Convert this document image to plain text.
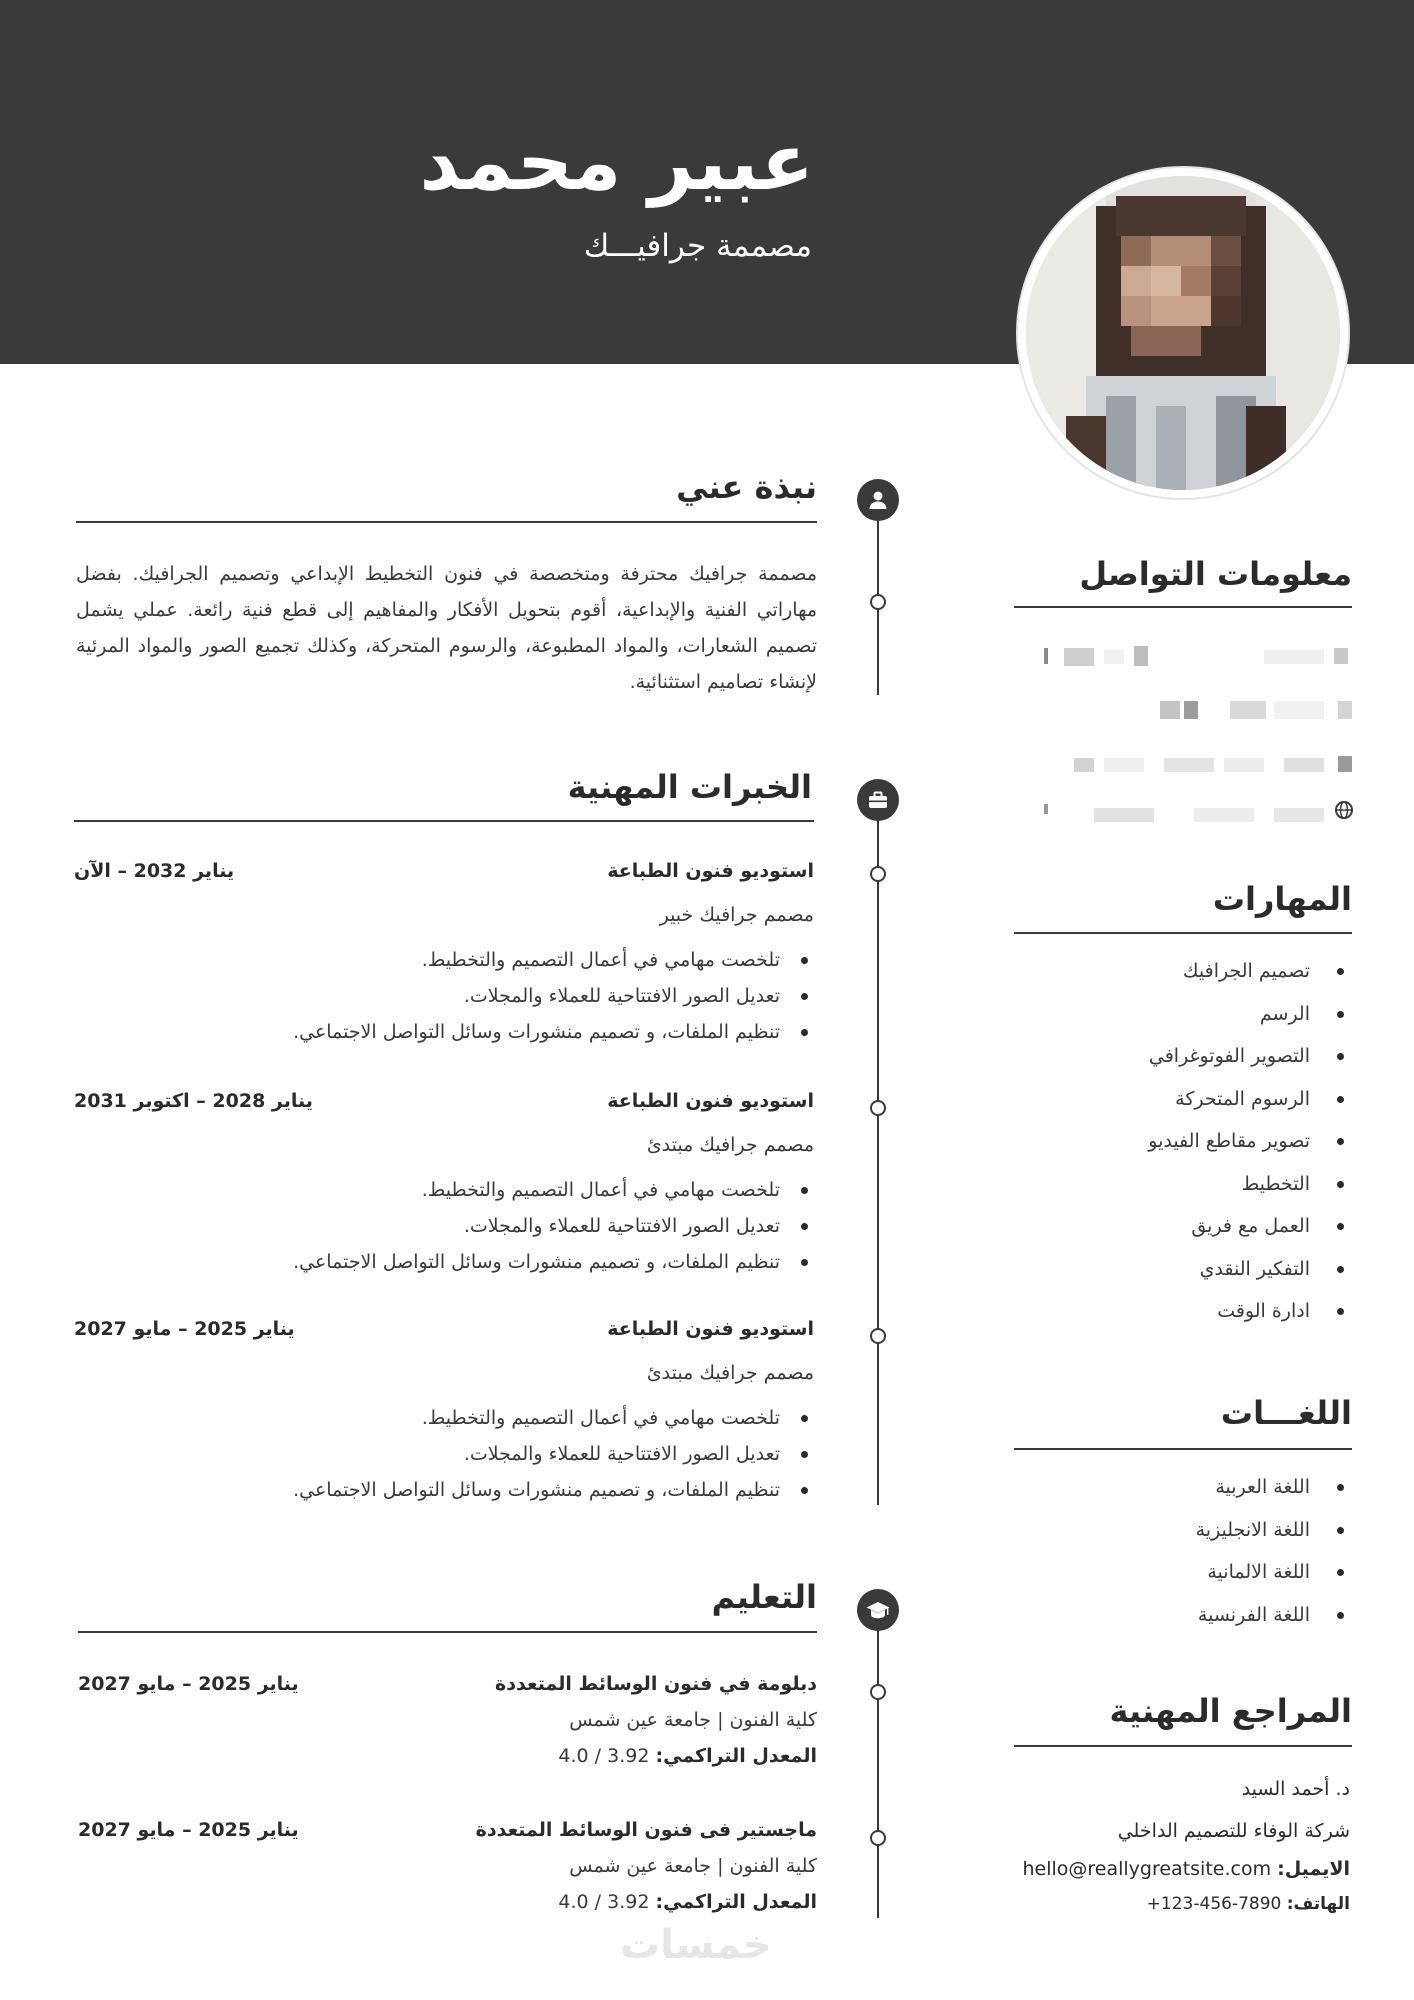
عبير محمد
مصممة جرافيـــك
نبذة عني

مصممة جرافيك محترفة ومتخصصة في فنون التخطيط الإبداعي وتصميم الجرافيك. بفضل مهاراتي الفنية والإبداعية، أقوم بتحويل الأفكار والمفاهيم إلى قطع فنية رائعة. عملي يشمل تصميم الشعارات، والمواد المطبوعة، والرسوم المتحركة، وكذلك تجميع الصور والمواد المرئية لإنشاء تصاميم استثنائية.

الخبرات المهنية
استوديو فنون الطباعة
يناير 2032 – الآن
مصمم جرافيك خبير
تلخصت مهامي في أعمال التصميم والتخطيط.
تعديل الصور الافتتاحية للعملاء والمجلات.
تنظيم الملفات، و تصميم منشورات وسائل التواصل الاجتماعي.
استوديو فنون الطباعة
يناير 2028 – اكتوبر 2031
مصمم جرافيك مبتدئ
تلخصت مهامي في أعمال التصميم والتخطيط.
تعديل الصور الافتتاحية للعملاء والمجلات.
تنظيم الملفات، و تصميم منشورات وسائل التواصل الاجتماعي.
استوديو فنون الطباعة
يناير 2025 – مايو 2027
مصمم جرافيك مبتدئ
تلخصت مهامي في أعمال التصميم والتخطيط.
تعديل الصور الافتتاحية للعملاء والمجلات.
تنظيم الملفات، و تصميم منشورات وسائل التواصل الاجتماعي.
التعليم
دبلومة في فنون الوسائط المتعددة
يناير 2025 – مايو 2027
كلية الفنون | جامعة عين شمس
المعدل التراكمي: 3.92 / 4.0
ماجستير فى فنون الوسائط المتعددة
يناير 2025 – مايو 2027
كلية الفنون | جامعة عين شمس
المعدل التراكمي: 3.92 / 4.0
معلومات التواصل
المهارات
تصميم الجرافيك
الرسم
التصوير الفوتوغرافي
الرسوم المتحركة
تصوير مقاطع الفيديو
التخطيط
العمل مع فريق
التفكير النقدي
ادارة الوقت
اللغـــات
اللغة العربية
اللغة الانجليزية
اللغة الالمانية
اللغة الفرنسية
المراجع المهنية
د. أحمد السيد
شركة الوفاء للتصميم الداخلي
الايميل: hello@reallygreatsite.com
الهاتف: +123-456-7890
خمسات
